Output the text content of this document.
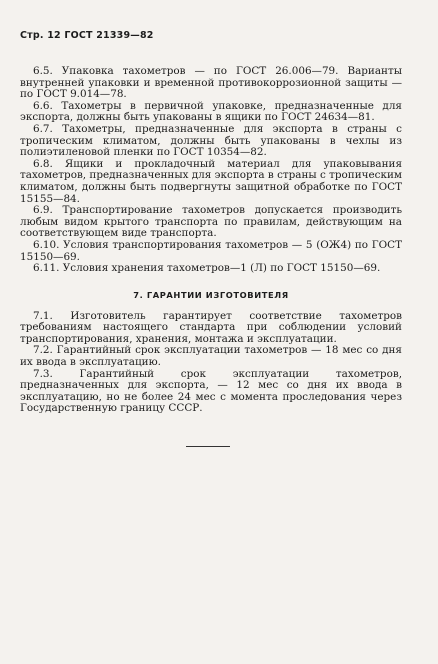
Стр. 12 ГОСТ 21339—82

6.5. Упаковка тахометров — по ГОСТ 26.006—79. Варианты внутренней упаковки и временной противокоррозионной защиты — по ГОСТ 9.014—78.

6.6. Тахометры в первичной упаковке, предназначенные для экспорта, должны быть упакованы в ящики по ГОСТ 24634—81.

6.7. Тахометры, предназначенные для экспорта в страны с тропическим климатом, должны быть упакованы в чехлы из полиэтиленовой пленки по ГОСТ 10354—82.

6.8. Ящики и прокладочный материал для упаковывания тахометров, предназначенных для экспорта в страны с тропическим климатом, должны быть подвергнуты защитной обработке по ГОСТ 15155—84.

6.9. Транспортирование тахометров допускается производить любым видом крытого транспорта по правилам, действующим на соответствующем виде транспорта.

6.10. Условия транспортирования тахометров — 5 (ОЖ4) по ГОСТ 15150—69.

6.11. Условия хранения тахометров—1 (Л) по ГОСТ 15150—69.

7. ГАРАНТИИ ИЗГОТОВИТЕЛЯ

7.1. Изготовитель гарантирует соответствие тахометров требованиям настоящего стандарта при соблюдении условий транспортирования, хранения, монтажа и эксплуатации.

7.2. Гарантийный срок эксплуатации тахометров — 18 мес со дня их ввода в эксплуатацию.

7.3. Гарантийный срок эксплуатации тахометров, предназначенных для экспорта, — 12 мес со дня их ввода в эксплуатацию, но не более 24 мес с момента проследования через Государственную границу СССР.
